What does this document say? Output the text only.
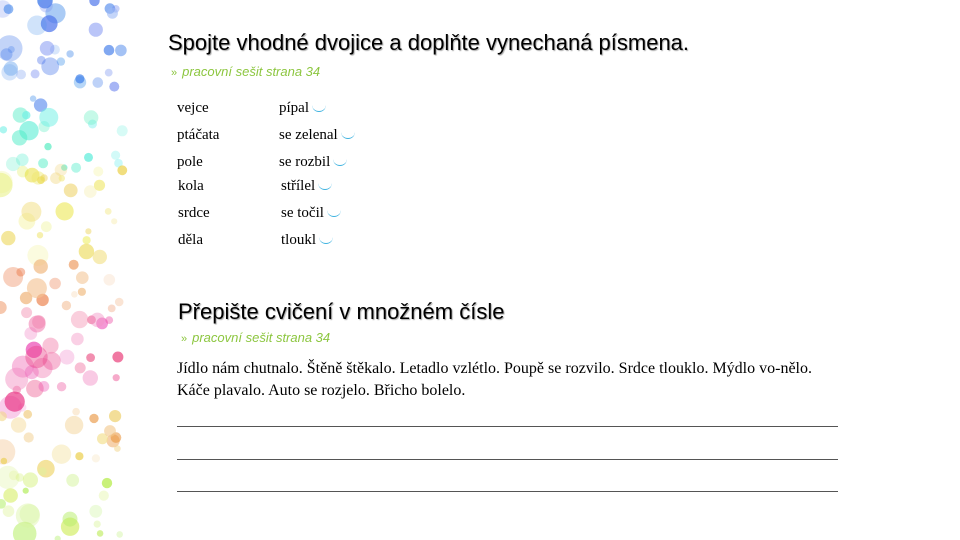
Spojte vhodné dvojice a doplňte vynechaná písmena.
» pracovní sešit strana 34
vejce
ptáčata
pole
kola
srdce
děla
pípal
se zelenal
se rozbil
střílel
se točil
tloukl
Přepište cvičení v množném čísle
» pracovní sešit strana 34

Jídlo nám chutnalo. Štěně štěkalo. Letadlo vzlétlo. Poupě se rozvilo. Srdce tlouklo. Mýdlo vo-nělo. Káče plavalo. Auto se rozjelo. Břicho bolelo.
